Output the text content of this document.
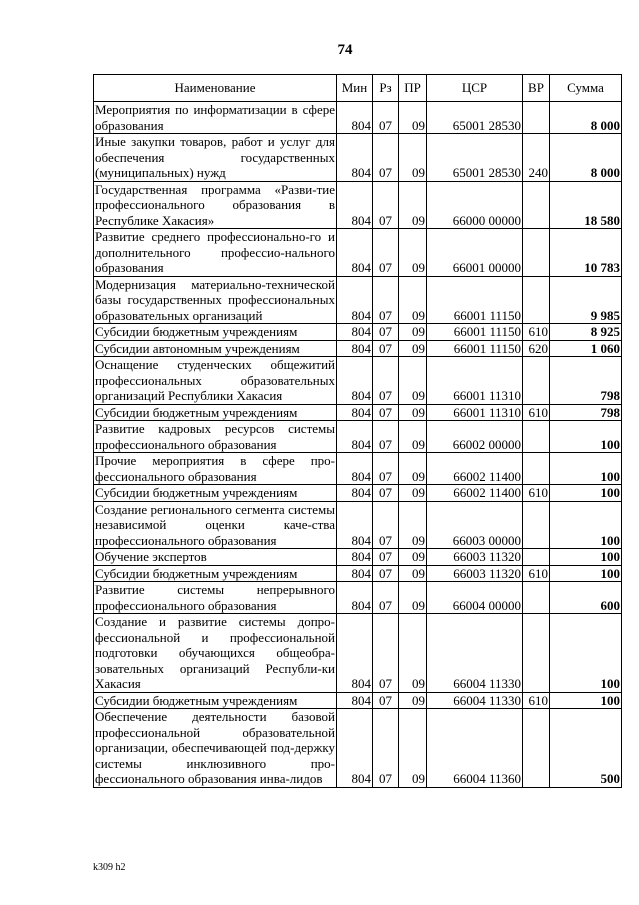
74
Наименование	Мин	Рз	ПР	ЦСР	ВР	Сумма
Мероприятия по информатизации в сфере образования	804	07	09	65001 28530		8 000
Иные закупки товаров, работ и услуг для обеспечения государственных (муниципальных) нужд	804	07	09	65001 28530	240	8 000
Государственная программа «Разви-тие профессионального образования в Республике Хакасия»	804	07	09	66000 00000		18 580
Развитие среднего профессионально-го и дополнительного профессио-нального образования	804	07	09	66001 00000		10 783
Модернизация материально-технической базы государственных профессиональных образовательных организаций	804	07	09	66001 11150		9 985
Субсидии бюджетным учреждениям	804	07	09	66001 11150	610	8 925
Субсидии автономным учреждениям	804	07	09	66001 11150	620	1 060
Оснащение студенческих общежитий профессиональных образовательных организаций Республики Хакасия	804	07	09	66001 11310		798
Субсидии бюджетным учреждениям	804	07	09	66001 11310	610	798
Развитие кадровых ресурсов системы профессионального образования	804	07	09	66002 00000		100
Прочие мероприятия в сфере про-фессионального образования	804	07	09	66002 11400		100
Субсидии бюджетным учреждениям	804	07	09	66002 11400	610	100
Создание регионального сегмента системы независимой оценки каче-ства профессионального образования	804	07	09	66003 00000		100
Обучение экспертов	804	07	09	66003 11320		100
Субсидии бюджетным учреждениям	804	07	09	66003 11320	610	100
Развитие системы непрерывного профессионального образования	804	07	09	66004 00000		600
Создание и развитие системы допро-фессиональной и профессиональной подготовки обучающихся общеобра-зовательных организаций Республи-ки Хакасия	804	07	09	66004 11330		100
Субсидии бюджетным учреждениям	804	07	09	66004 11330	610	100
Обеспечение деятельности базовой профессиональной образовательной организации, обеспечивающей под-держку системы инклюзивного про-фессионального образования инва-лидов	804	07	09	66004 11360		500
k309 h2
